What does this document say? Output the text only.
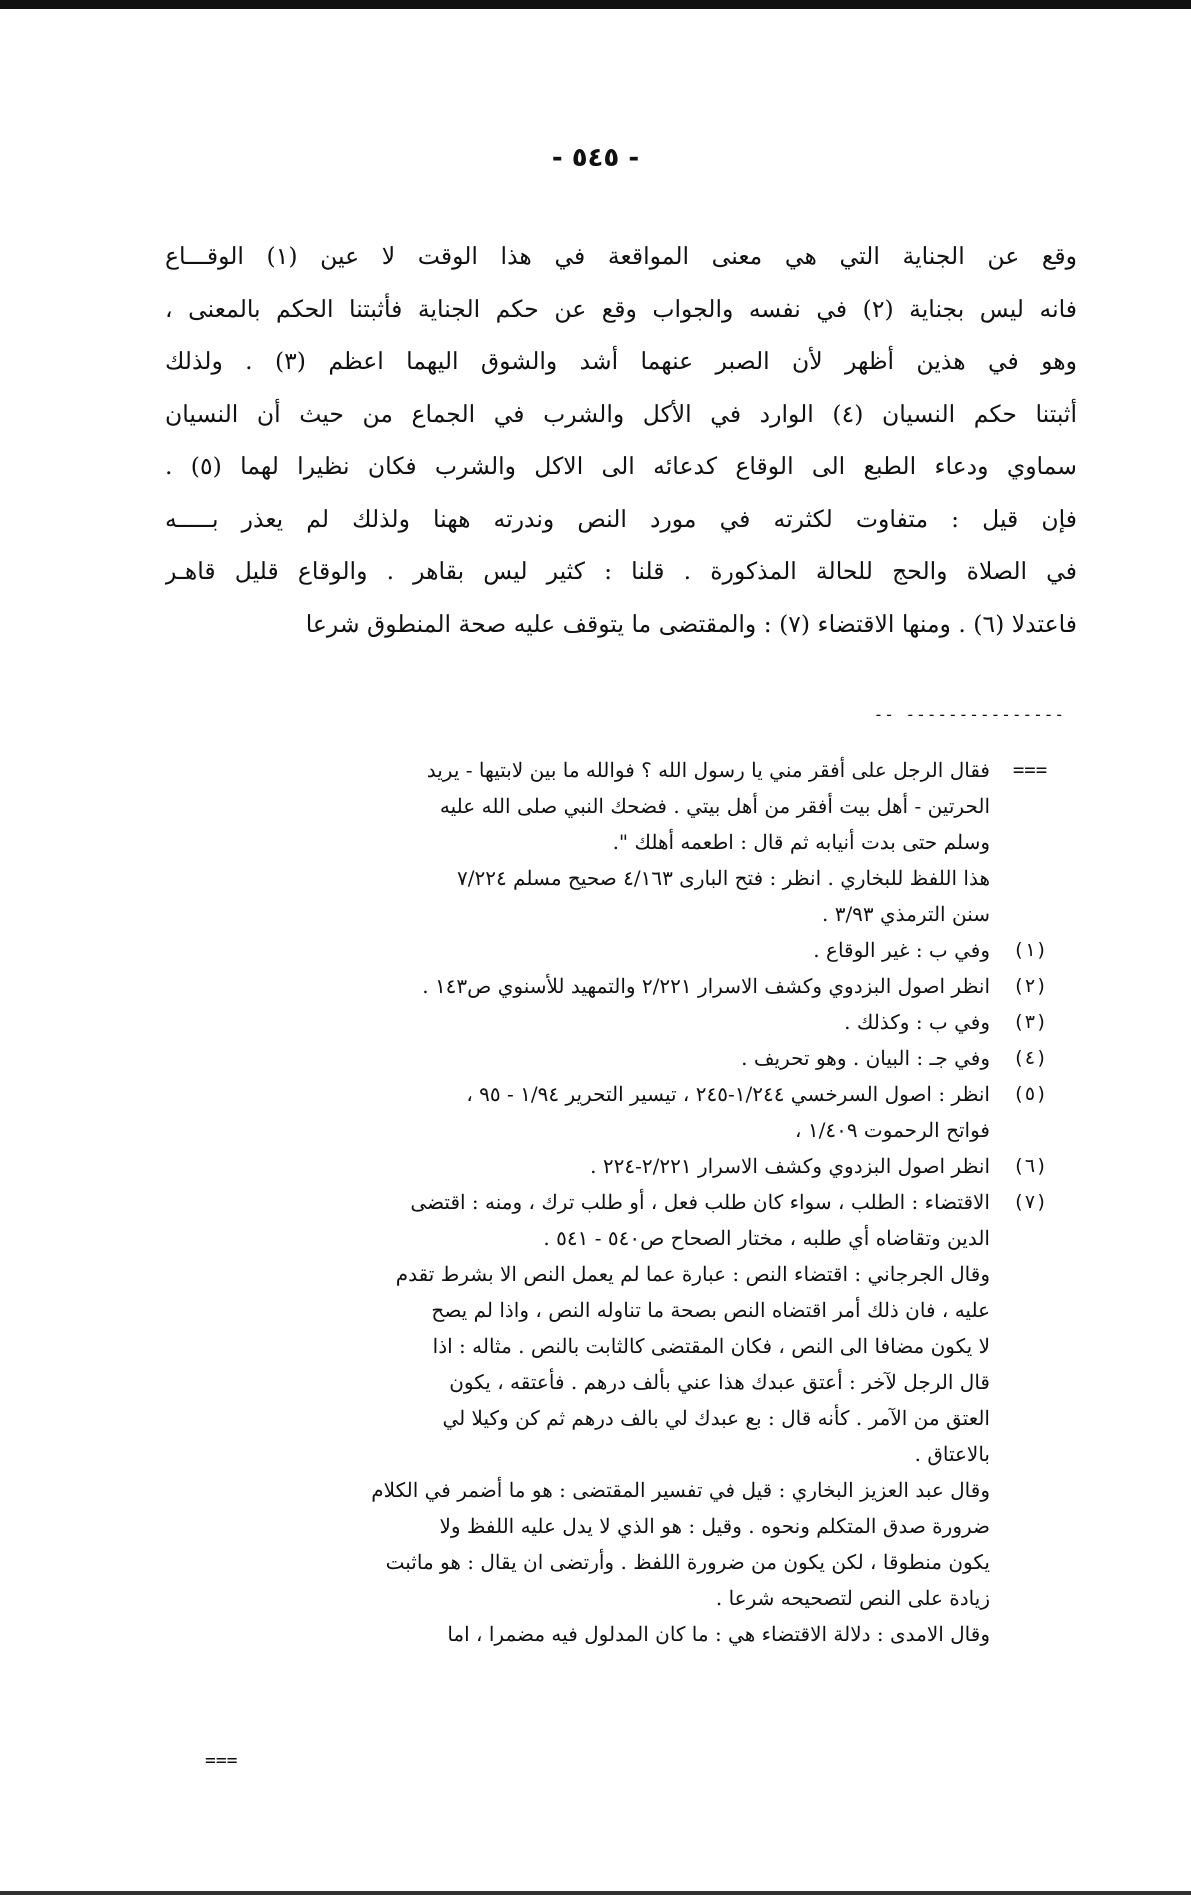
- ٥٤٥ -
وقع عن الجناية التي هي معنى المواقعة في هذا الوقت لا عين (١) الوقـــاع
فانه ليس بجناية (٢) في نفسه والجواب وقع عن حكم الجناية فأثبتنا الحكم بالمعنى ،
وهو في هذين أظهر لأن الصبر عنهما أشد والشوق اليهما اعظم (٣) . ولذلك
أثبتنا حكم النسيان (٤) الوارد في الأكل والشرب في الجماع من حيث أن النسيان
سماوي ودعاء الطبع الى الوقاع كدعائه الى الاكل والشرب فكان نظيرا لهما (٥) .
فإن قيل : متفاوت لكثرته في مورد النص وندرته ههنا ولذلك لم يعذر بـــــه
في الصلاة والحج للحالة المذكورة . قلنا : كثير ليس بقاهر . والوقاع قليل قاهـر
فاعتدلا (٦) . ومنها الاقتضاء (٧) : والمقتضى ما يتوقف عليه صحة المنطوق شرعا
-- ---------------
===
فقال الرجل على أفقر مني يا رسول الله ؟ فوالله ما بين لابتيها - يريد
الحرتين - أهل بيت أفقر من أهل بيتي . فضحك النبي صلى الله عليه
وسلم حتى بدت أنيابه ثم قال : اطعمه أهلك ".
هذا اللفظ للبخاري . انظر : فتح البارى ٤/١٦٣ صحيح مسلم ٧/٢٢٤
سنن الترمذي ٣/٩٣ .
(١)
وفي ب : غير الوقاع .
(٢)
انظر اصول البزدوي وكشف الاسرار ٢/٢٢١ والتمهيد للأسنوي ص١٤٣ .
(٣)
وفي ب : وكذلك .
(٤)
وفي جـ : البيان . وهو تحريف .
(٥)
انظر : اصول السرخسي ١/٢٤٤-٢٤٥ ، تيسير التحرير ١/٩٤ - ٩٥ ،
فواتح الرحموت ١/٤٠٩ ،
(٦)
انظر اصول البزدوي وكشف الاسرار ٢/٢٢١-٢٢٤ .
(٧)
الاقتضاء : الطلب ، سواء كان طلب فعل ، أو طلب ترك ، ومنه : اقتضى
الدين وتقاضاه أي طلبه ، مختار الصحاح ص٥٤٠ - ٥٤١ .
وقال الجرجاني : اقتضاء النص : عبارة عما لم يعمل النص الا بشرط تقدم
عليه ، فان ذلك أمر اقتضاه النص بصحة ما تناوله النص ، واذا لم يصح
لا يكون مضافا الى النص ، فكان المقتضى كالثابت بالنص . مثاله : اذا
قال الرجل لآخر : أعتق عبدك هذا عني بألف درهم . فأعتقه ، يكون
العتق من الآمر . كأنه قال : بع عبدك لي بالف درهم ثم كن وكيلا لي
بالاعتاق .
وقال عبد العزيز البخاري : قيل في تفسير المقتضى : هو ما أضمر في الكلام
ضرورة صدق المتكلم ونحوه . وقيل : هو الذي لا يدل عليه اللفظ ولا
يكون منطوقا ، لكن يكون من ضرورة اللفظ . وأرتضى ان يقال : هو ماثبت
زيادة على النص لتصحيحه شرعا .
وقال الامدى : دلالة الاقتضاء هي : ما كان المدلول فيه مضمرا ، اما
===
